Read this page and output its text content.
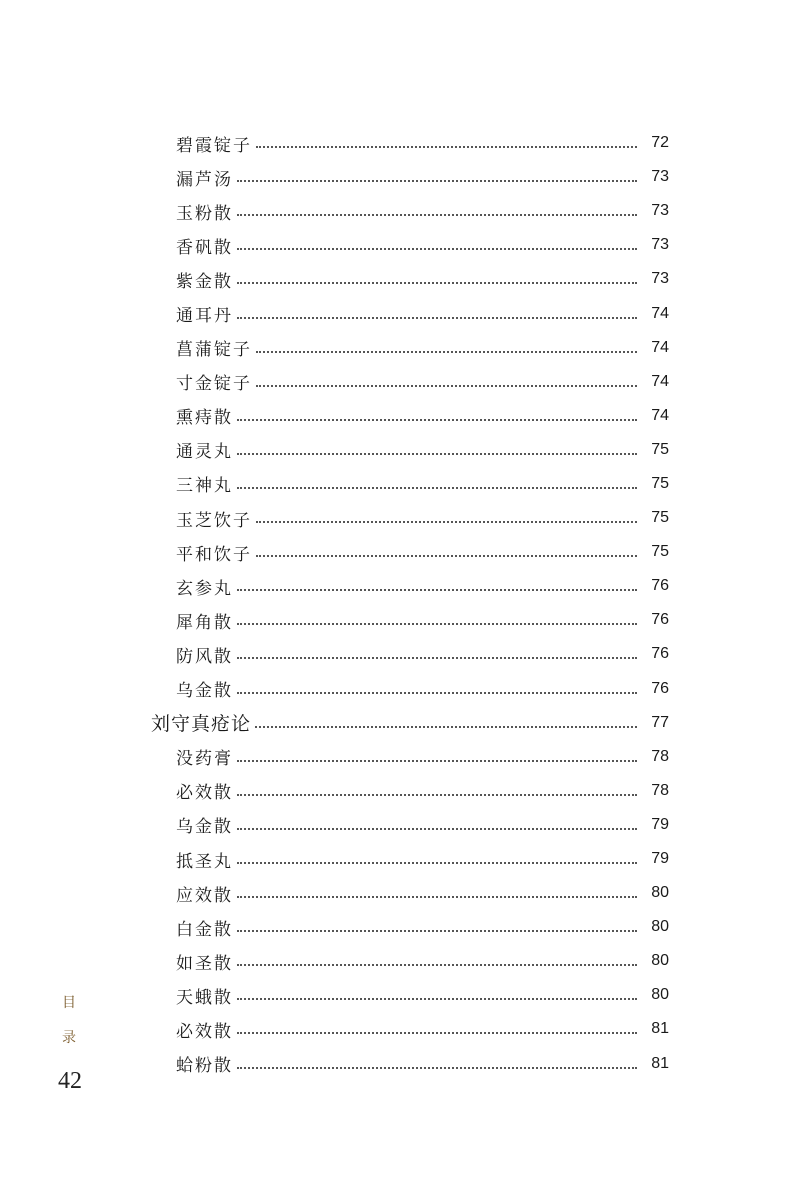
碧霞锭子	72
漏芦汤	73
玉粉散	73
香矾散	73
紫金散	73
通耳丹	74
菖蒲锭子	74
寸金锭子	74
熏痔散	74
通灵丸	75
三神丸	75
玉芝饮子	75
平和饮子	75
玄参丸	76
犀角散	76
防风散	76
乌金散	76
刘守真疮论	77
没药膏	78
必效散	78
乌金散	79
抵圣丸	79
应效散	80
白金散	80
如圣散	80
天蛾散	80
必效散	81
蛤粉散	81
目
录
42
